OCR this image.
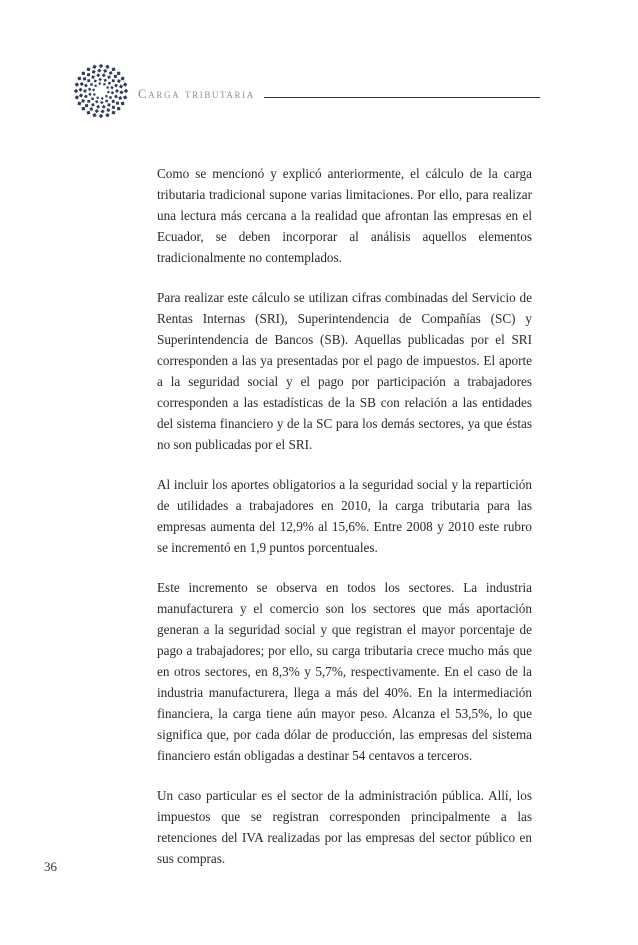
Carga tributaria

Como se mencionó y explicó anteriormente, el cálculo de la carga tributaria tradicional supone varias limitaciones. Por ello, para realizar una lectura más cercana a la realidad que afrontan las empresas en el Ecuador, se deben incorporar al análisis aquellos elementos tradicionalmente no contemplados.

Para realizar este cálculo se utilizan cifras combinadas del Servicio de Rentas Internas (SRI), Superintendencia de Compañías (SC) y Superintendencia de Bancos (SB). Aquellas publicadas por el SRI corresponden a las ya presentadas por el pago de impuestos. El aporte a la seguridad social y el pago por participación a trabajadores corresponden a las estadísticas de la SB con relación a las entidades del sistema financiero y de la SC para los demás sectores, ya que éstas no son publicadas por el SRI.

Al incluir los aportes obligatorios a la seguridad social y la repartición de utilidades a trabajadores en 2010, la carga tributaria para las empresas aumenta del 12,9% al 15,6%. Entre 2008 y 2010 este rubro se incrementó en 1,9 puntos porcentuales.

Este incremento se observa en todos los sectores. La industria manufacturera y el comercio son los sectores que más aportación generan a la seguridad social y que registran el mayor porcentaje de pago a trabajadores; por ello, su carga tributaria crece mucho más que en otros sectores, en 8,3% y 5,7%, respectivamente. En el caso de la industria manufacturera, llega a más del 40%. En la intermediación financiera, la carga tiene aún mayor peso. Alcanza el 53,5%, lo que significa que, por cada dólar de producción, las empresas del sistema financiero están obligadas a destinar 54 centavos a terceros.

Un caso particular es el sector de la administración pública. Allí, los impuestos que se registran corresponden principalmente a las retenciones del IVA realizadas por las empresas del sector público en sus compras.

36
